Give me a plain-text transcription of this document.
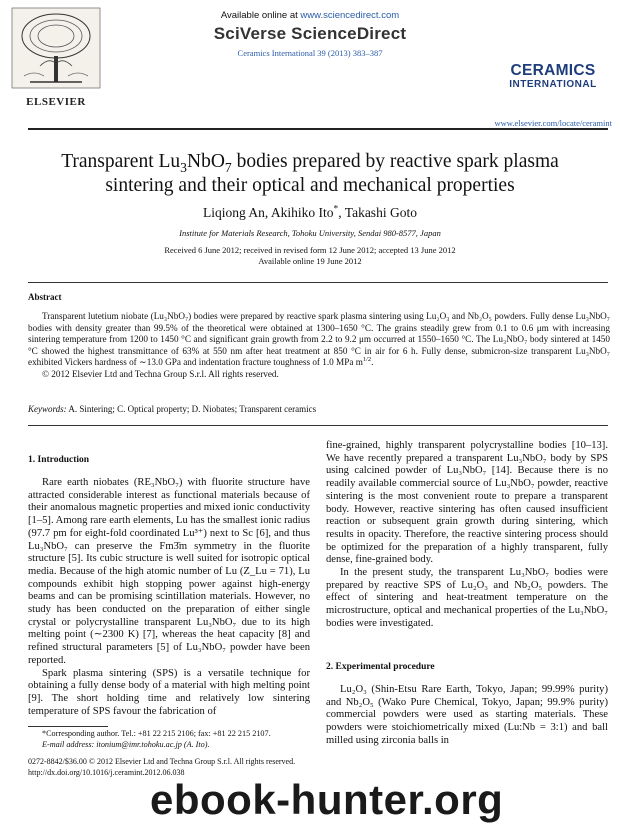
ELSEVIER
Available online at www.sciencedirect.com
SciVerse ScienceDirect
Ceramics International 39 (2013) 383–387
CERAMICS
INTERNATIONAL
www.elsevier.com/locate/ceramint
Transparent $Lu_3NbO_7$ bodies prepared by reactive spark plasma
sintering and their optical and mechanical properties
Liqiong An, Akihiko Ito*, Takashi Goto
Institute for Materials Research, Tohoku University, Sendai 980-8577, Japan
Received 6 June 2012; received in revised form 12 June 2012; accepted 13 June 2012
Available online 19 June 2012
Abstract

Transparent lutetium niobate (Lu₃NbO₇) bodies were prepared by reactive spark plasma sintering using Lu₂O₃ and Nb₂O₅ powders. Fully dense Lu₃NbO₇ bodies with density greater than 99.5% of the theoretical were obtained at 1300–1650 °C. The grains steadily grew from 0.1 to 0.6 μm with increasing sintering temperature from 1200 to 1450 °C and significant grain growth from 2.2 to 9.2 μm occurred at 1550–1650 °C. The Lu₃NbO₇ body sintered at 1450 °C showed the highest transmittance of 63% at 550 nm after heat treatment at 850 °C in air for 6 h. Fully dense, submicron-size transparent Lu₃NbO₇ exhibited Vickers hardness of ∼13.0 GPa and indentation fracture toughness of 1.0 MPa $m^{1/2}$.

© 2012 Elsevier Ltd and Techna Group S.r.l. All rights reserved.

Keywords: A. Sintering; C. Optical property; D. Niobates; Transparent ceramics
1. Introduction

Rare earth niobates (RE₃NbO₇) with fluorite structure have attracted considerable interest as functional materials because of their anomalous magnetic properties and mixed ionic conductivity [1–5]. Among rare earth elements, Lu has the smallest ionic radius (97.7 pm for eight-fold coordinated Lu³⁺) next to Sc [6], and thus Lu₃NbO₇ can preserve the Fm3̄m symmetry in the fluorite structure [5]. Its cubic structure is well suited for isotropic optical media. Because of the high atomic number of Lu (Z_Lu = 71), Lu compounds exhibit high stopping power against high-energy beams and can be promising scintillation materials. However, no study has been conducted on the preparation of either single crystal or polycrystalline transparent Lu₃NbO₇ due to its high melting point (∼2300 K) [7], whereas the heat capacity [8] and refined structural parameters [5] of Lu₃NbO₇ powder have been reported.

Spark plasma sintering (SPS) is a versatile technique for obtaining a fully dense body of a material with high melting point [9]. The short holding time and relatively low sintering temperature of SPS favour the fabrication of

fine-grained, highly transparent polycrystalline bodies [10–13]. We have recently prepared a transparent Lu₃NbO₇ body by SPS using calcined powder of Lu₃NbO₇ [14]. Because there is no readily available commercial source of Lu₃NbO₇ powder, reactive sintering is the most convenient route to prepare a transparent body. However, reactive sintering has often caused insufficient reaction or subsequent grain growth during sintering, which results in opacity. Therefore, the reactive sintering process should be optimized for the preparation of a highly transparent, fully dense, fine-grained body.

In the present study, the transparent Lu₃NbO₇ bodies were prepared by reactive SPS of Lu₂O₃ and Nb₂O₅ powders. The effect of sintering and heat-treatment temperature on the microstructure, optical and mechanical properties of the Lu₃NbO₇ bodies were investigated.

2. Experimental procedure

Lu₂O₃ (Shin-Etsu Rare Earth, Tokyo, Japan; 99.99% purity) and Nb₂O₅ (Wako Pure Chemical, Tokyo, Japan; 99.9% purity) commercial powders were used as starting materials. These powders were stoichiometrically mixed (Lu:Nb = 3:1) and ball milled using zirconia balls in

*Corresponding author. Tel.: +81 22 215 2106; fax: +81 22 215 2107.

E-mail address: itonium@imr.tohoku.ac.jp (A. Ito).

0272-8842/$36.00 © 2012 Elsevier Ltd and Techna Group S.r.l. All rights reserved.
http://dx.doi.org/10.1016/j.ceramint.2012.06.038
ebook-hunter.org
